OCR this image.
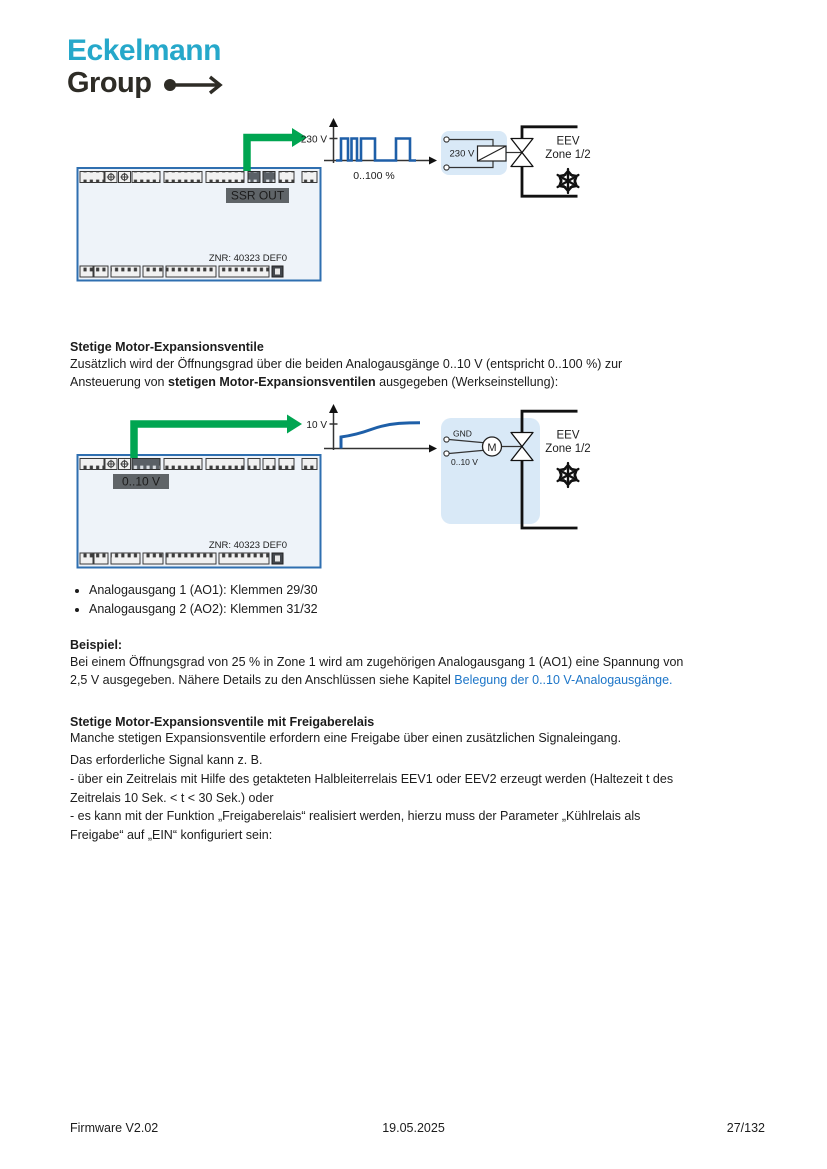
Eckelmann
Group
SSR OUT
ZNR: 40323 DEF0
230 V
0..100 %
230 V
EEV
Zone 1/2
Stetige Motor-Expansionsventile
Zusätzlich wird der Öffnungsgrad über die beiden Analogausgänge 0..10 V (entspricht 0..100 %) zur
Ansteuerung von stetigen Motor-Expansionsventilen ausgegeben (Werkseinstellung):
0..10 V
ZNR: 40323 DEF0
10 V
GND
0..10 V
M
EEV
Zone 1/2
• Analogausgang 1 (AO1): Klemmen 29/30
• Analogausgang 2 (AO2): Klemmen 31/32
Beispiel:
Bei einem Öffnungsgrad von 25 % in Zone 1 wird am zugehörigen Analogausgang 1 (AO1) eine Spannung von
2,5 V ausgegeben. Nähere Details zu den Anschlüssen siehe Kapitel Belegung der 0..10 V-Analogausgänge.
Stetige Motor-Expansionsventile mit Freigaberelais
Manche stetigen Expansionsventile erfordern eine Freigabe über einen zusätzlichen Signaleingang.
Das erforderliche Signal kann z. B.
- über ein Zeitrelais mit Hilfe des getakteten Halbleiterrelais EEV1 oder EEV2 erzeugt werden (Haltezeit t des
Zeitrelais 10 Sek. < t < 30 Sek.) oder
- es kann mit der Funktion „Freigaberelais“ realisiert werden, hierzu muss der Parameter „Kühlrelais als
Freigabe“ auf „EIN“ konfiguriert sein:
Firmware V2.02	19.05.2025	27/132
